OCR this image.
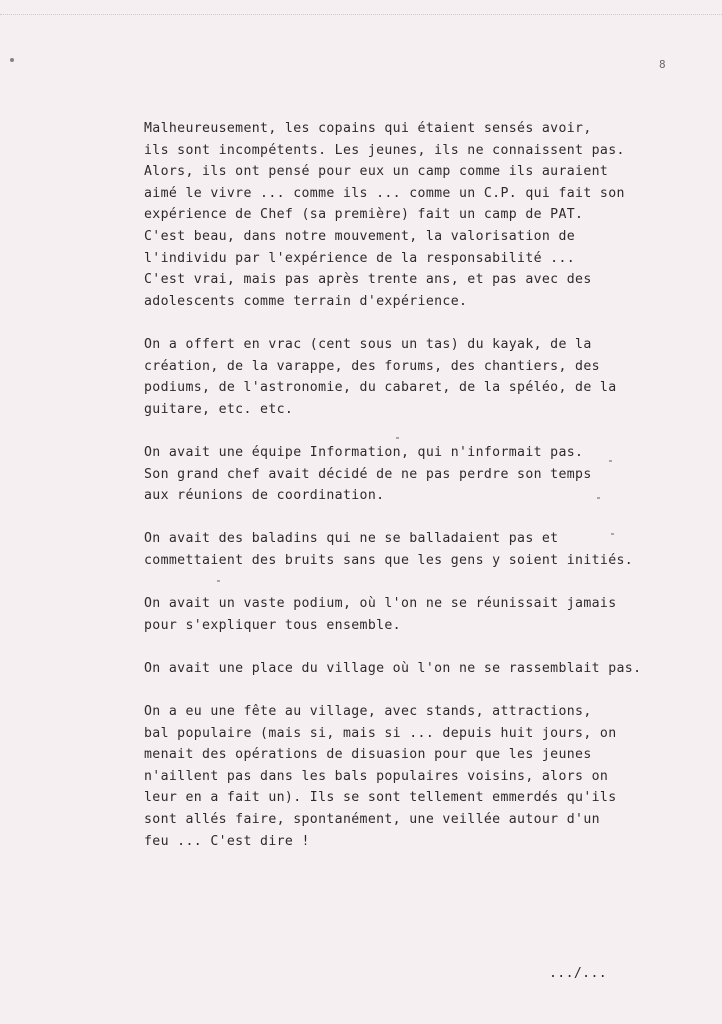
8
Malheureusement, les copains qui étaient sensés avoir,
ils sont incompétents. Les jeunes, ils ne connaissent pas.
Alors, ils ont pensé pour eux un camp comme ils auraient
aimé le vivre ... comme ils ... comme un C.P. qui fait son
expérience de Chef (sa première) fait un camp de PAT.
C'est beau, dans notre mouvement, la valorisation de
l'individu par l'expérience de la responsabilité ...
C'est vrai, mais pas après trente ans, et pas avec des
adolescents comme terrain d'expérience.
On a offert en vrac (cent sous un tas) du kayak, de la
création, de la varappe, des forums, des chantiers, des
podiums, de l'astronomie, du cabaret, de la spéléo, de la
guitare, etc. etc.
On avait une équipe Information, qui n'informait pas.
Son grand chef avait décidé de ne pas perdre son temps
aux réunions de coordination.
On avait des baladins qui ne se balladaient pas et
commettaient des bruits sans que les gens y soient initiés.
On avait un vaste podium, où l'on ne se réunissait jamais
pour s'expliquer tous ensemble.
On avait une place du village où l'on ne se rassemblait pas.
On a eu une fête au village, avec stands, attractions,
bal populaire (mais si, mais si ... depuis huit jours, on
menait des opérations de disuasion pour que les jeunes
n'aillent pas dans les bals populaires voisins, alors on
leur en a fait un). Ils se sont tellement emmerdés qu'ils
sont allés faire, spontanément, une veillée autour d'un
feu ... C'est dire !
.../...
